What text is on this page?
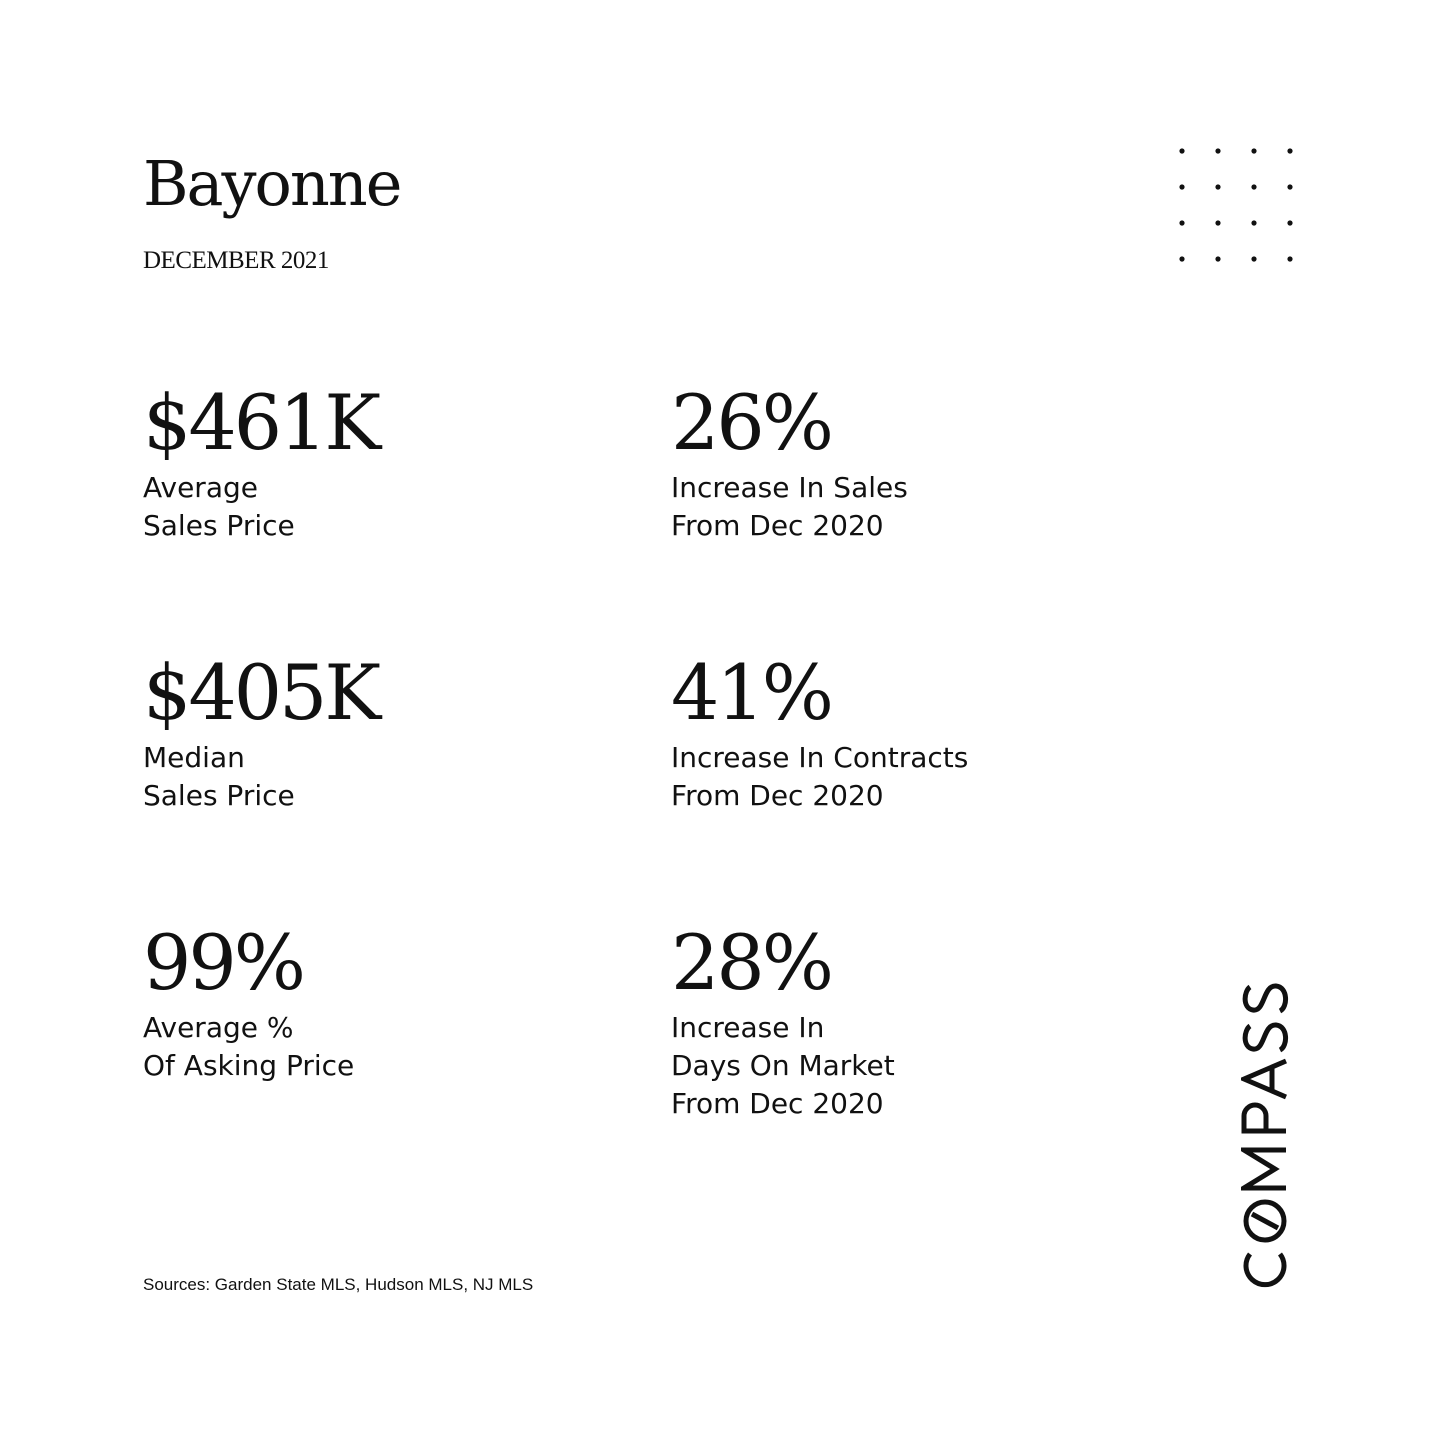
Bayonne
DECEMBER 2021
$461K
Average
Sales Price
26%
Increase In Sales
From Dec 2020
$405K
Median
Sales Price
41%
Increase In Contracts
From Dec 2020
99%
Average %
Of Asking Price
28%
Increase In
Days On Market
From Dec 2020
Sources: Garden State MLS, Hudson MLS, NJ MLS
